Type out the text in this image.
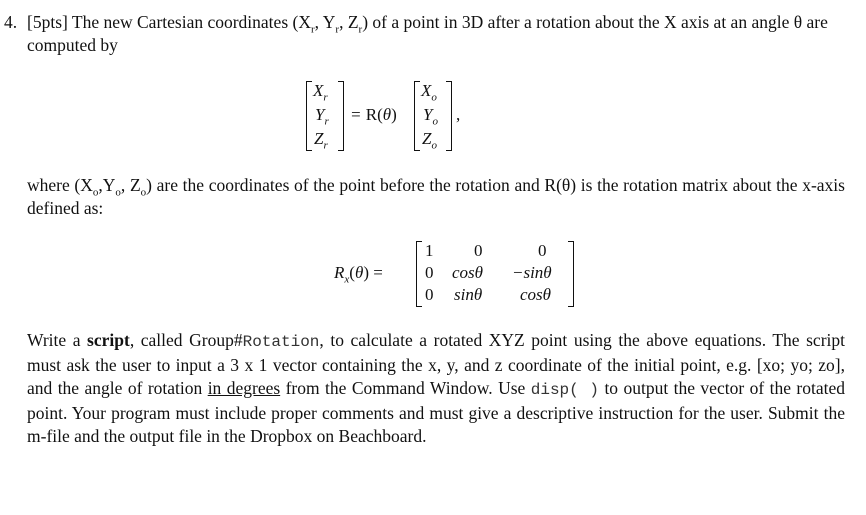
4. [5pts] The new Cartesian coordinates ($X_r$, $Y_r$, $Z_r$) of a point in 3D after a rotation about the X axis at an angle θ are computed by
$X_r$
$Y_r$
$Z_r$
= R(θ)
$X_o$
$Y_o$
$Z_o$
,
where ($X_o,Y_o$, $Z_o$) are the coordinates of the point before the rotation and R(θ) is the rotation matrix about the x-axis defined as:
$R_x(\theta)$ =
1 0	0
0 cosθ −sinθ
0 sinθ cosθ
Write a script, called Group#Rotation, to calculate a rotated XYZ point using the above equations. The script must ask the user to input a 3 x 1 vector containing the x, y, and z coordinate of the initial point, e.g. [xo; yo; zo], and the angle of rotation in degrees from the Command Window. Use disp( ) to output the vector of the rotated point. Your program must include proper comments and must give a descriptive instruction for the user. Submit the m-file and the output file in the Dropbox on Beachboard.
